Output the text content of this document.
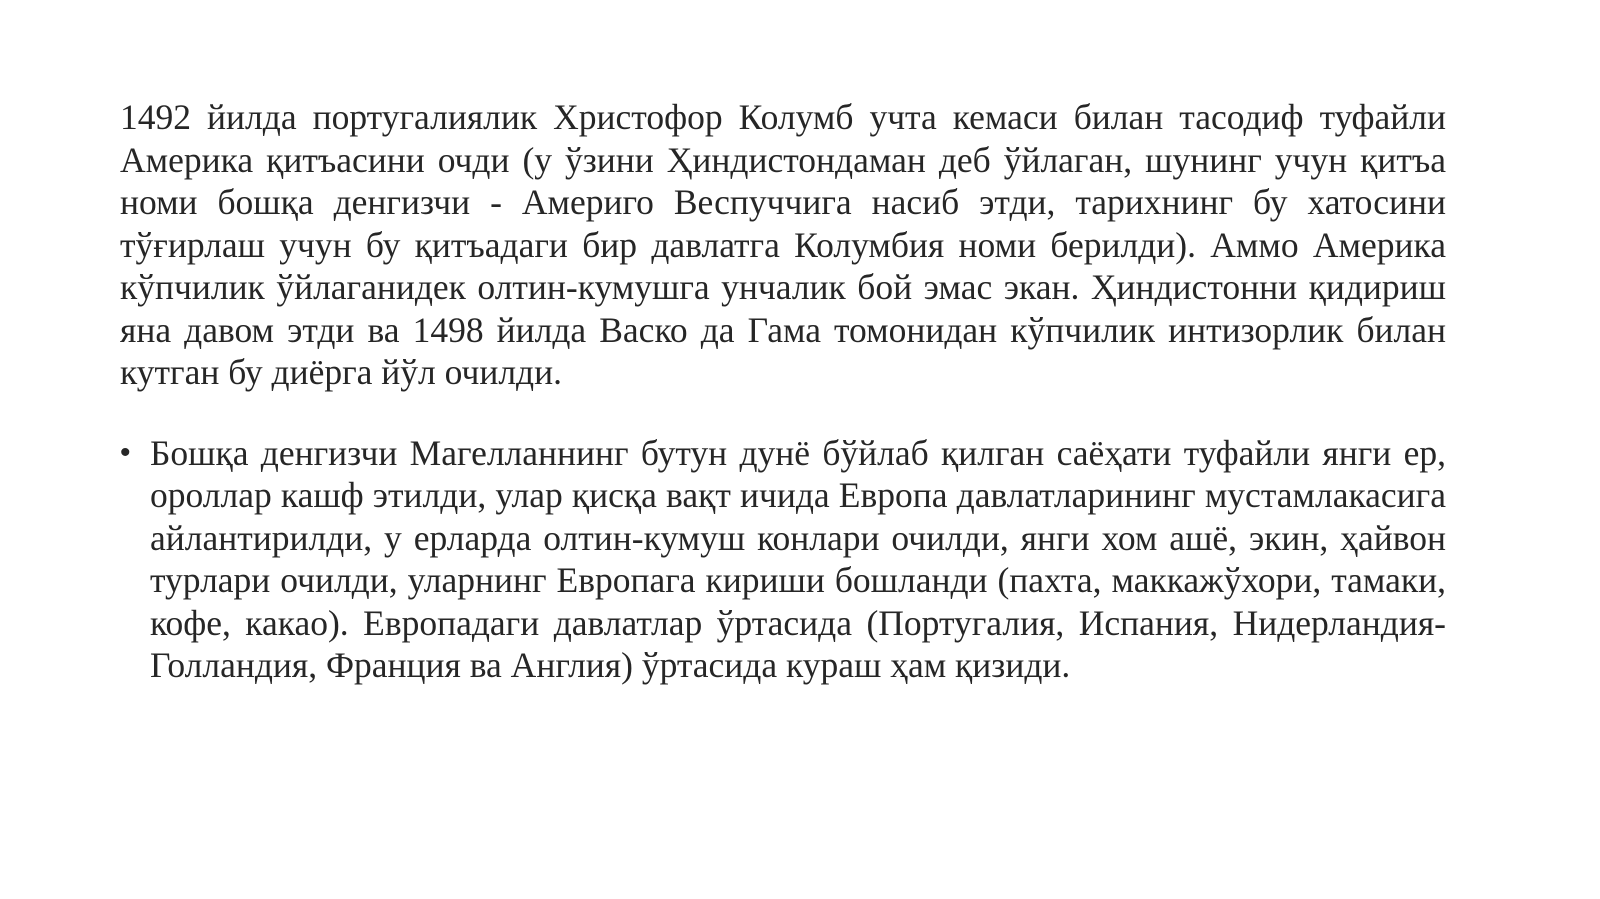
1492 йилда португалиялик Христофор Колумб учта кемаси билан тасодиф туфайли Америка қитъасини очди (у ўзини Ҳиндистондаман деб ўйлаган, шунинг учун қитъа номи бошқа денгизчи - Америго Веспуччига насиб этди, тарихнинг бу хатосини тўғирлаш учун бу қитъадаги бир давлатга Колумбия номи берилди). Аммо Америка кўпчилик ўйлаганидек олтин-кумушга унчалик бой эмас экан. Ҳиндистонни қидириш яна давом этди ва 1498 йилда Васко да Гама томонидан кўпчилик интизорлик билан кутган бу диёрга йўл очилди.

• Бошқа денгизчи Магелланнинг бутун дунё бўйлаб қилган саёҳати туфайли янги ер, ороллар кашф этилди, улар қисқа вақт ичида Европа давлатларининг мустамлакасига айлантирилди, у ерларда олтин-кумуш конлари очилди, янги хом ашё, экин, ҳайвон турлари очилди, уларнинг Европага кириши бошланди (пахта, маккажўхори, тамаки, кофе, какао). Европадаги давлатлар ўртасида (Португалия, Испания, Нидерландия-Голландия, Франция ва Англия) ўртасида кураш ҳам қизиди.
